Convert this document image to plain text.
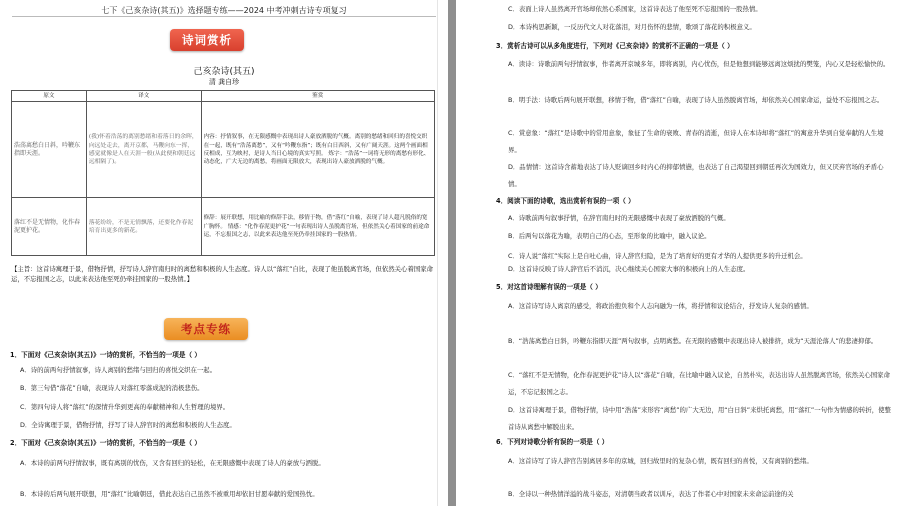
七下《己亥杂诗(其五)》选择题专练——2024 中考冲刺古诗专项复习
诗词赏析
己亥杂诗(其五)
清 龚自珍
原文	译文	鉴赏
浩荡离愁白日斜，吟鞭东指即天涯。	(我)怀着浩荡的离别愁绪和着落日的余晖，向远处走去，离开京都，马鞭向东一挥，感觉就像是人在天涯一般(从此便和朝廷远远相隔了)。	内容：抒情叙事，在无限感慨中表现出诗人豪放洒脱的气概。离别的愁绪和回归的喜悦交织在一起，既有“浩荡离愁”，又有“吟鞭东指”；既有白日西斜，又有广阔天涯。这两个画面相反相成，互为映衬，是诗人当日心境的真实写照。 炼字：“浩荡”一词将无形的离愁有形化、动态化，广大无边的离愁，将画面无限放大，表现出诗人豪放洒脱的气概。
落红不是无情物，化作春泥更护花。	落花纷纷，不是无情飘落，还要化作春泥培育出更多的新花。	修辞：展开联想，用比喻的修辞手法，移情于物，借“落红”自喻，表现了诗人超凡脱俗的宽广胸怀。 情感：“化作春泥更护花”一句表现出诗人虽脱离官场，但依然关心着国家的前途命运，不忘报国之志，以此来表达他至死仍牵挂国家的一股热情。
【主旨：这首诗寓理于景，借物抒情，抒写诗人辞官南归时的离愁和积极的人生态度。诗人以“落红”自比，表现了他虽脱离官场，但依然关心着国家命运，不忘报国之志，以此来表达他至死仍牵挂国家的一股热情。】
考点专练
1．下面对《己亥杂诗(其五)》一诗的赏析，不恰当的一项是（ ）
A．诗的前两句抒情叙事，诗人离别的愁绪与回归的喜悦交织在一起。
B．第三句借“落花”自喻，表现诗人对落红零落成泥的消极悲伤。
C．第四句诗人将“落红”的深情升华到更高的奉献精神和人生哲理的境界。
D．全诗寓理于景，借物抒情，抒写了诗人辞官时的离愁和积极的人生态度。
2．下面对《己亥杂诗(其五)》一诗的赏析，不恰当的一项是（ ）
A．本诗的前两句抒情叙事，既有离别的忧伤，又含有回归的轻松，在无限感慨中表现了诗人的豪放与洒脱。
B．本诗的后两句展开联想，用“落红”比喻朝廷，借此表达自己虽然不被重用却依旧甘愿奉献的爱国热忱。
C．表面上诗人虽然离开官场却依然心系国家，这首诗表达了他至死不忘报国的一股热情。
D．本诗构思新颖，一反历代文人对花落泪，对月伤怀的悲情，歌颂了落花的积极意义。
3．赏析古诗可以从多角度进行，下列对《己亥杂诗》的赏析不正确的一项是（ ）
A．读诗：诗歌前两句抒情叙事，作者离开京城多年，即将离别，内心忧伤，但是他想到能够远离这烦扰的樊笼，内心又是轻松愉快的。
B．明手法：诗歌后两句展开联想，移情于物，借“落红”自喻，表现了诗人虽然脱离官场，却依然关心国家命运，益处不忘报国之志。
C．赏意象：“落红”是诗歌中的常用意象，象征了生命的衰败、青春的消逝，但诗人在本诗却将“落红”的寓意升华到自觉奉献的人生境界。
D．品情情：这首诗含蓄地表达了诗人贬谪回乡时内心的抑郁愤懑，也表达了自己渴望回到朝廷再次为国效力，但又厌弃官场的矛盾心情。
4．阅读下面的诗歌，选出赏析有误的一项（ ）
A．诗歌前两句叙事抒情，在辞官南归时的无限感慨中表现了豪放洒脱的气概。
B．后两句以落花为喻，表明自己的心态，至形象的比喻中，融入议论。
C．诗人说“落红”实际上是自吐心曲，诗人辞官归隐，是为了培育好的更有才华的人提供更多的升迁机会。
D．这首诗反映了诗人辞官后不消沉，决心继续关心国家大事的积极向上的人生态度。
5．对这首诗理解有误的一项是（ ）
A．这首诗写诗人离京的感受，将政治抱负和个人志向融为一体，将抒情和议论结合，抒发诗人复杂的感情。
B．“浩荡离愁白日斜，吟鞭东指即天涯”两句叙事，点明离愁。在无限的感慨中表现出诗人被排挤，成为“天涯沦落人”的悲凄抑郁。
C．“落红不是无情物，化作春泥更护花”诗人以“落花”自喻，在比喻中融入议论，自然朴实，表达出诗人虽然脱离官场，依然关心国家命运，不忘记报国之志。
D．这首诗寓理于景，借物抒情，诗中用“浩荡”来形容“离愁”的广大无边，用“白日斜”来烘托离愁，用“落红”一句作为情感的转折，使整首诗从离愁中解脱出来。
6．下列对诗歌分析有误的一项是（ ）
A．这首诗写了诗人辞官告别离居多年的京城，回归故里时的复杂心情，既有回归的喜悦，又有离别的愁绪。
B．全诗以一种热情洋溢的战斗姿态，对清朝当政者以训斥，表达了作者心中对国家未来命运前途的关
